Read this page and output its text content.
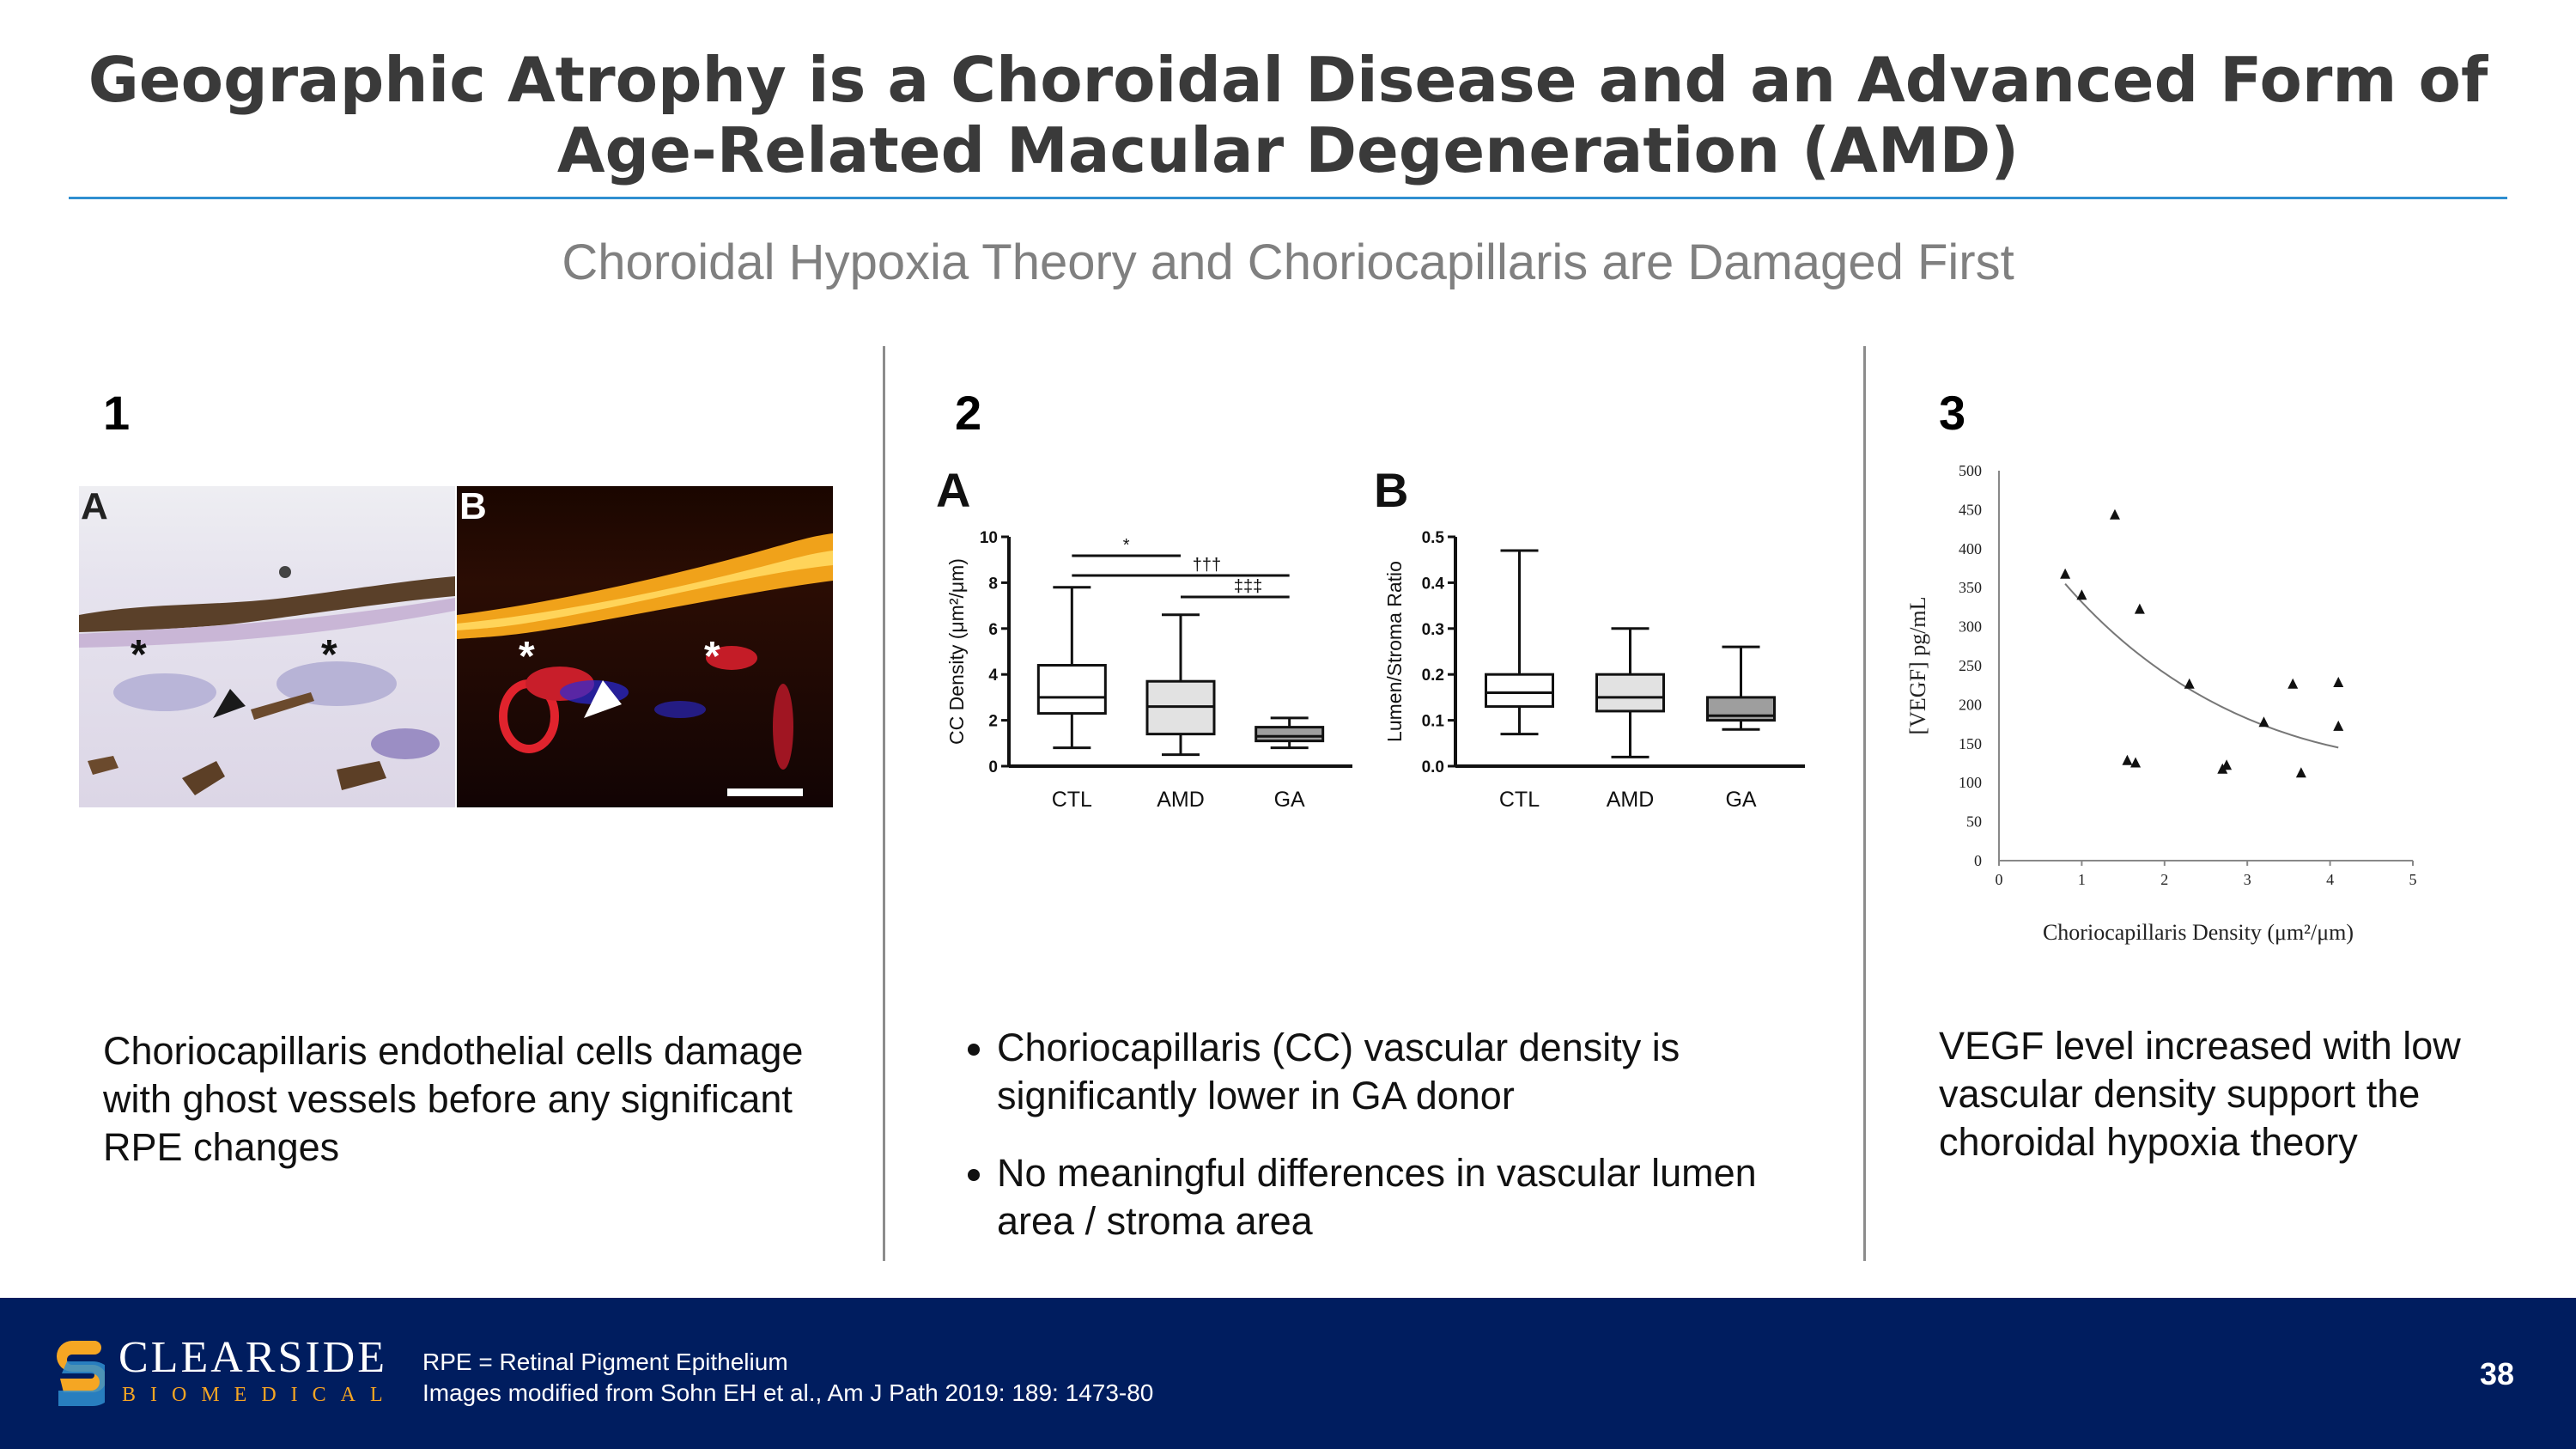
Geographic Atrophy is a Choroidal Disease and an Advanced Form of
Age-Related Macular Degeneration (AMD)
Choroidal Hypoxia Theory and Choriocapillaris are Damaged First
1
A
*	*
B
*	*
Choriocapillaris endothelial cells damage with ghost vessels before any significant RPE changes
2
A
0
2
4
6
8
10
CC Density (μm²/μm)
CTL	AMD	GA
*
†††
‡‡‡
B
0.0
0.1
0.2
0.3
0.4
0.5
Lumen/Stroma Ratio
CTL	AMD	GA
• Choriocapillaris (CC) vascular density is significantly lower in GA donor
• No meaningful differences in vascular lumen area / stroma area
3
0
50
100
150
200
250
300
350
400
450
500
0	1	2	3	4	5
Choriocapillaris Density (μm²/μm)
[VEGF] pg/mL
VEGF level increased with low vascular density support the choroidal hypoxia theory
CLEARSIDE
BIOMEDICAL
RPE = Retinal Pigment Epithelium
Images modified from Sohn EH et al., Am J Path 2019: 189: 1473-80
38
